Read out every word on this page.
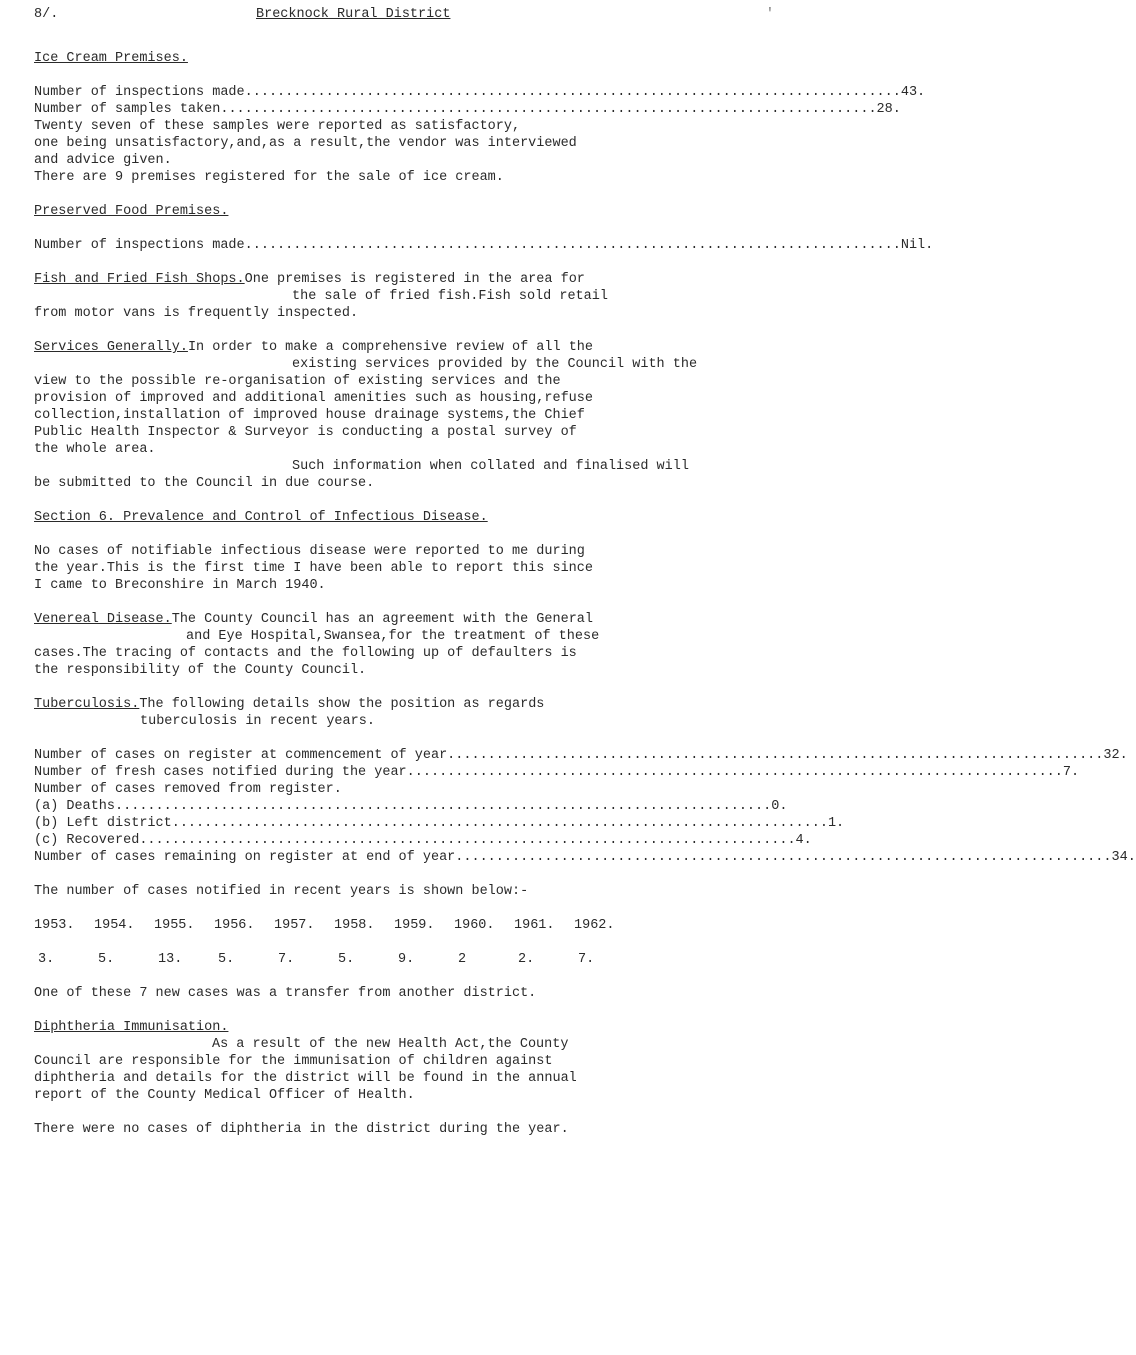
8/.	Brecknock Rural District	'
Ice Cream Premises.
Number of inspections made ................................................................................ .43.
Number of samples taken ................................................................................ .28.
Twenty seven of these samples were reported as satisfactory,
one being unsatisfactory,and,as a result,the vendor was interviewed
and advice given.
There are 9 premises registered for the sale of ice cream.
Preserved Food Premises.
Number of inspections made ................................................................................ .Nil.
Fish and Fried Fish Shops.One premises is registered in the area for
the sale of fried fish.Fish sold retail
from motor vans is frequently inspected.
Services Generally.In order to make a comprehensive review of all the
existing services provided by the Council with the
view to the possible re-organisation of existing services and the
provision of improved and additional amenities such as housing,refuse
collection,installation of improved house drainage systems,the Chief
Public Health Inspector & Surveyor is conducting a postal survey of
the whole area.
Such information when collated and finalised will
be submitted to the Council in due course.
Section 6. Prevalence and Control of Infectious Disease.
No cases of notifiable infectious disease were reported to me during
the year.This is the first time I have been able to report this since
I came to Breconshire in March 1940.
Venereal Disease.The County Council has an agreement with the General
and Eye Hospital,Swansea,for the treatment of these
cases.The tracing of contacts and the following up of defaulters is
the responsibility of the County Council.
Tuberculosis.The following details show the position as regards
tuberculosis in recent years.
Number of cases on register at commencement of year ................................................................................ .32.
Number of fresh cases notified during the year ................................................................................ .7.
Number of cases removed from register.
(a) Deaths ................................................................................ .0.
(b) Left district ................................................................................ .1.
(c) Recovered ................................................................................ .4.
Number of cases remaining on register at end of year ................................................................................ .34.
The number of cases notified in recent years is shown below:-
1953. 1954. 1955. 1956. 1957. 1958. 1959. 1960. 1961. 1962.
3.	5.	13.	5.	7.	5.	9.	2	2.	7.
One of these 7 new cases was a transfer from another district.
Diphtheria Immunisation.
As a result of the new Health Act,the County
Council are responsible for the immunisation of children against
diphtheria and details for the district will be found in the annual
report of the County Medical Officer of Health.
There were no cases of diphtheria in the district during the year.
